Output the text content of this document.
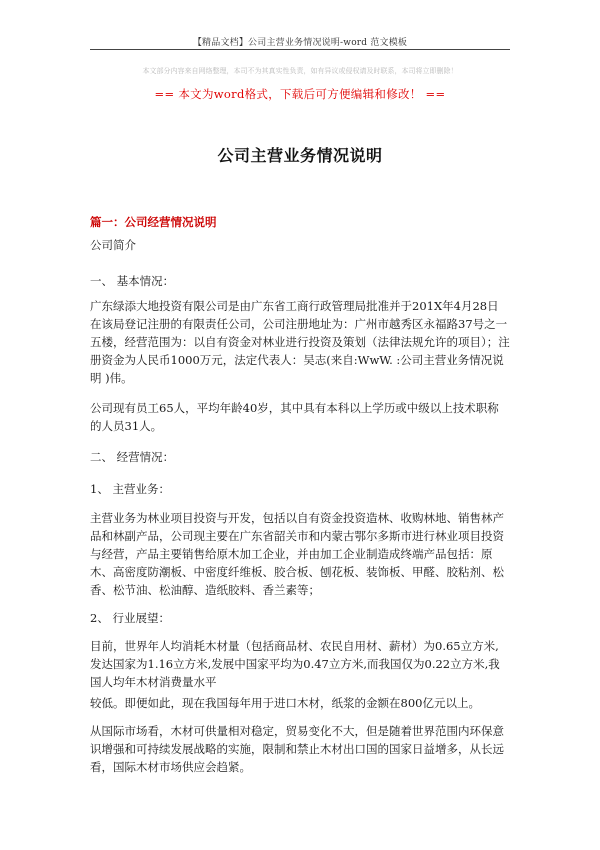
【精品文档】公司主营业务情况说明-word 范文模板
本文部分内容来自网络整理，本司不为其真实性负责，如有异议或侵权请及时联系，本司将立即删除！
== 本文为word格式，下载后可方便编辑和修改！ ==
公司主营业务情况说明
篇一：公司经营情况说明

公司简介

一、 基本情况：

广东绿添大地投资有限公司是由广东省工商行政管理局批准并于201X年4月28日在该局登记注册的有限责任公司，公司注册地址为：广州市越秀区永福路37号之一五楼，经营范围为：以自有资金对林业进行投资及策划（法律法规允许的项目）；注册资金为人民币1000万元，法定代表人：吴志(来自:WwW. :公司主营业务情况说明 )伟。

公司现有员工65人，平均年龄40岁，其中具有本科以上学历或中级以上技术职称的人员31人。

二、 经营情况：

1、 主营业务：

主营业务为林业项目投资与开发，包括以自有资金投资造林、收购林地、销售林产品和林副产品，公司现主要在广东省韶关市和内蒙古鄂尔多斯市进行林业项目投资与经营，产品主要销售给原木加工企业，并由加工企业制造成终端产品包括：原木、高密度防潮板、中密度纤维板、胶合板、刨花板、装饰板、甲醛、胶粘剂、松香、松节油、松油醇、造纸胶料、香兰素等；

2、 行业展望：

目前，世界年人均消耗木材量（包括商品材、农民自用材、薪材）为0.65立方米,发达国家为1.16立方米,发展中国家平均为0.47立方米,而我国仅为0.22立方米,我国人均年木材消费量水平

较低。即便如此，现在我国每年用于进口木材，纸浆的金额在800亿元以上。

从国际市场看，木材可供量相对稳定，贸易变化不大，但是随着世界范围内环保意识增强和可持续发展战略的实施，限制和禁止木材出口国的国家日益增多，从长远看，国际木材市场供应会趋紧。
